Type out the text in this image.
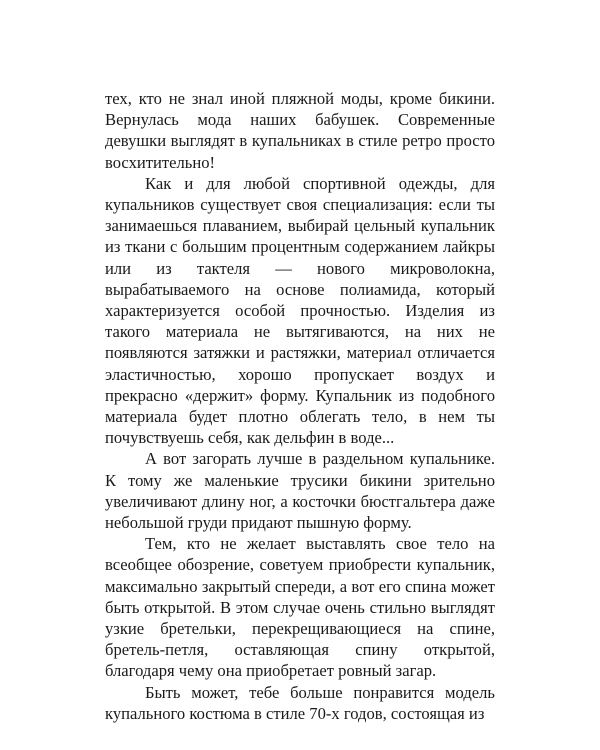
тех, кто не знал иной пляжной моды, кроме бикини. Вернулась мода наших бабушек. Современные девушки выглядят в купальниках в стиле ретро просто восхитительно!

Как и для любой спортивной одежды, для купальников существует своя специализация: если ты занимаешься плаванием, выбирай цельный купальник из ткани с большим процентным содержанием лайкры или из тактеля — нового микроволокна, вырабатываемого на основе полиамида, который характеризуется особой прочностью. Изделия из такого материала не вытягиваются, на них не появляются затяжки и растяжки, материал отличается эластичностью, хорошо пропускает воздух и прекрасно «держит» форму. Купальник из подобного материала будет плотно облегать тело, в нем ты почувствуешь себя, как дельфин в воде...

А вот загорать лучше в раздельном купальнике. К тому же маленькие трусики бикини зрительно увеличивают длину ног, а косточки бюстгальтера даже небольшой груди придают пышную форму.

Тем, кто не желает выставлять свое тело на всеобщее обозрение, советуем приобрести купальник, максимально закрытый спереди, а вот его спина может быть открытой. В этом случае очень стильно выглядят узкие бретельки, перекрещивающиеся на спине, бретель-петля, оставляющая спину открытой, благодаря чему она приобретает ровный загар.

Быть может, тебе больше понравится модель купального костюма в стиле 70-х годов, состоящая из
